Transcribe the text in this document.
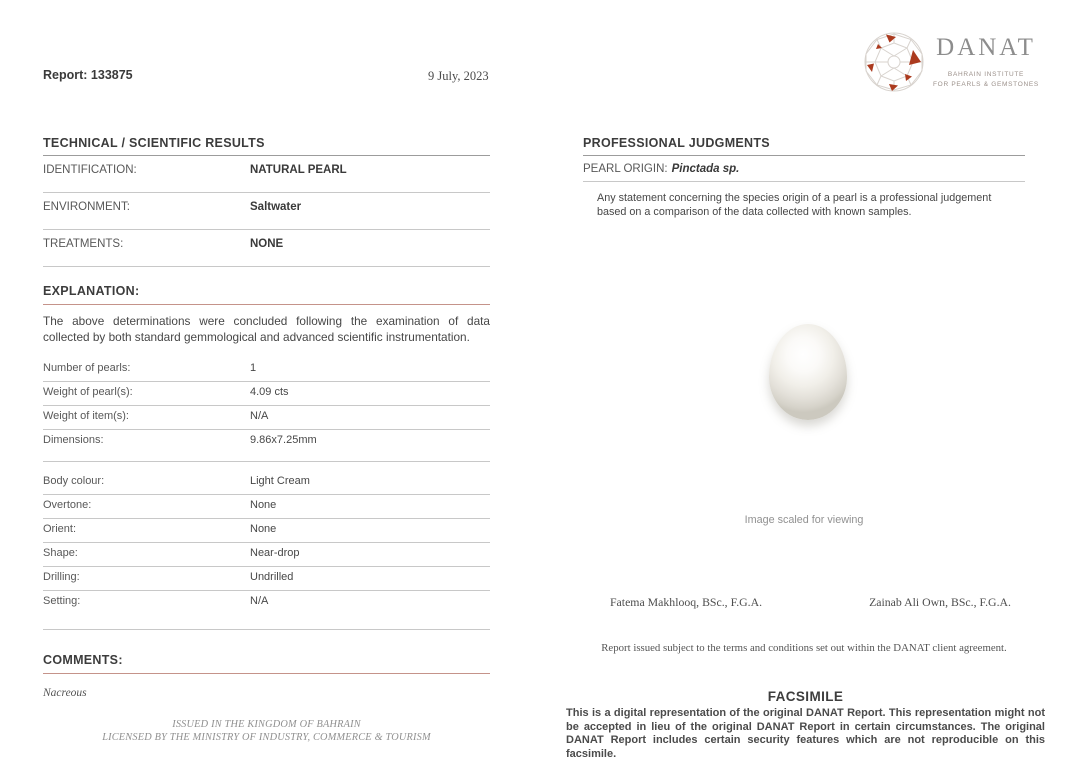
Report: 133875	9 July, 2023
DANAT
BAHRAIN INSTITUTE
FOR PEARLS & GEMSTONES
TECHNICAL / SCIENTIFIC RESULTS
IDENTIFICATION:	NATURAL PEARL
ENVIRONMENT:	Saltwater
TREATMENTS:	NONE
EXPLANATION:
The above determinations were concluded following the examination of data collected by both standard gemmological and advanced scientific instrumentation.
Number of pearls:	1
Weight of pearl(s):	4.09 cts
Weight of item(s):	N/A
Dimensions:	9.86x7.25mm
Body colour:	Light Cream
Overtone:	None
Orient:	None
Shape:	Near-drop
Drilling:	Undrilled
Setting:	N/A
COMMENTS:
Nacreous
PROFESSIONAL JUDGMENTS
PEARL ORIGIN: Pinctada sp.
Any statement concerning the species origin of a pearl is a professional judgement based on a comparison of the data collected with known samples.
Image scaled for viewing
Fatema Makhlooq, BSc., F.G.A.	Zainab Ali Own, BSc., F.G.A.
Report issued subject to the terms and conditions set out within the DANAT client agreement.
FACSIMILE
This is a digital representation of the original DANAT Report. This representation might not be accepted in lieu of the original DANAT Report in certain circumstances. The original DANAT Report includes certain security features which are not reproducible on this facsimile.
ISSUED IN THE KINGDOM OF BAHRAIN
LICENSED BY THE MINISTRY OF INDUSTRY, COMMERCE & TOURISM
